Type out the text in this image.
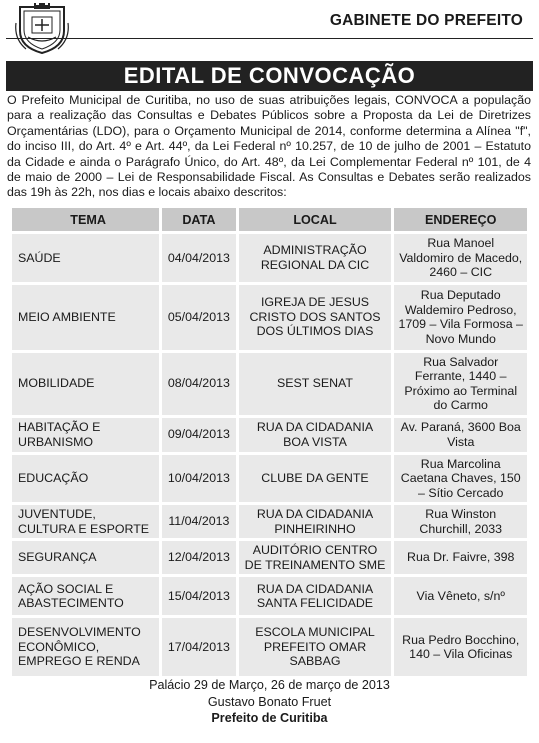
GABINETE DO PREFEITO
EDITAL DE CONVOCAÇÃO
O Prefeito Municipal de Curitiba, no uso de suas atribuições legais, CONVOCA a população para a realização das Consultas e Debates Públicos sobre a Proposta da Lei de Diretrizes Orçamentárias (LDO), para o Orçamento Municipal de 2014, conforme determina a Alínea "f", do inciso III, do Art. 4º e Art. 44º, da Lei Federal nº 10.257, de 10 de julho de 2001 – Estatuto da Cidade e ainda o Parágrafo Único, do Art. 48º, da Lei Complementar Federal nº 101, de 4 de maio de 2000 – Lei de Responsabilidade Fiscal. As Consultas e Debates serão realizados das 19h às 22h, nos dias e locais abaixo descritos:
TEMA	DATA	LOCAL	ENDEREÇO
SAÚDE	04/04/2013	ADMINISTRAÇÃO REGIONAL DA CIC	Rua Manoel Valdomiro de Macedo, 2460 – CIC
MEIO AMBIENTE	05/04/2013	IGREJA DE JESUS CRISTO DOS SANTOS DOS ÚLTIMOS DIAS	Rua Deputado Waldemiro Pedroso, 1709 – Vila Formosa – Novo Mundo
MOBILIDADE	08/04/2013	SEST SENAT	Rua Salvador Ferrante, 1440 – Próximo ao Terminal do Carmo
HABITAÇÃO E URBANISMO	09/04/2013	RUA DA CIDADANIA BOA VISTA	Av. Paraná, 3600 Boa Vista
EDUCAÇÃO	10/04/2013	CLUBE DA GENTE	Rua Marcolina Caetana Chaves, 150 – Sítio Cercado
JUVENTUDE, CULTURA E ESPORTE	11/04/2013	RUA DA CIDADANIA PINHEIRINHO	Rua Winston Churchill, 2033
SEGURANÇA	12/04/2013	AUDITÓRIO CENTRO DE TREINAMENTO SME	Rua Dr. Faivre, 398
AÇÃO SOCIAL E ABASTECIMENTO	15/04/2013	RUA DA CIDADANIA SANTA FELICIDADE	Via Vêneto, s/nº
DESENVOLVIMENTO ECONÔMICO, EMPREGO E RENDA	17/04/2013	ESCOLA MUNICIPAL PREFEITO OMAR SABBAG	Rua Pedro Bocchino, 140 – Vila Oficinas
Palácio 29 de Março, 26 de março de 2013
Gustavo Bonato Fruet
Prefeito de Curitiba
